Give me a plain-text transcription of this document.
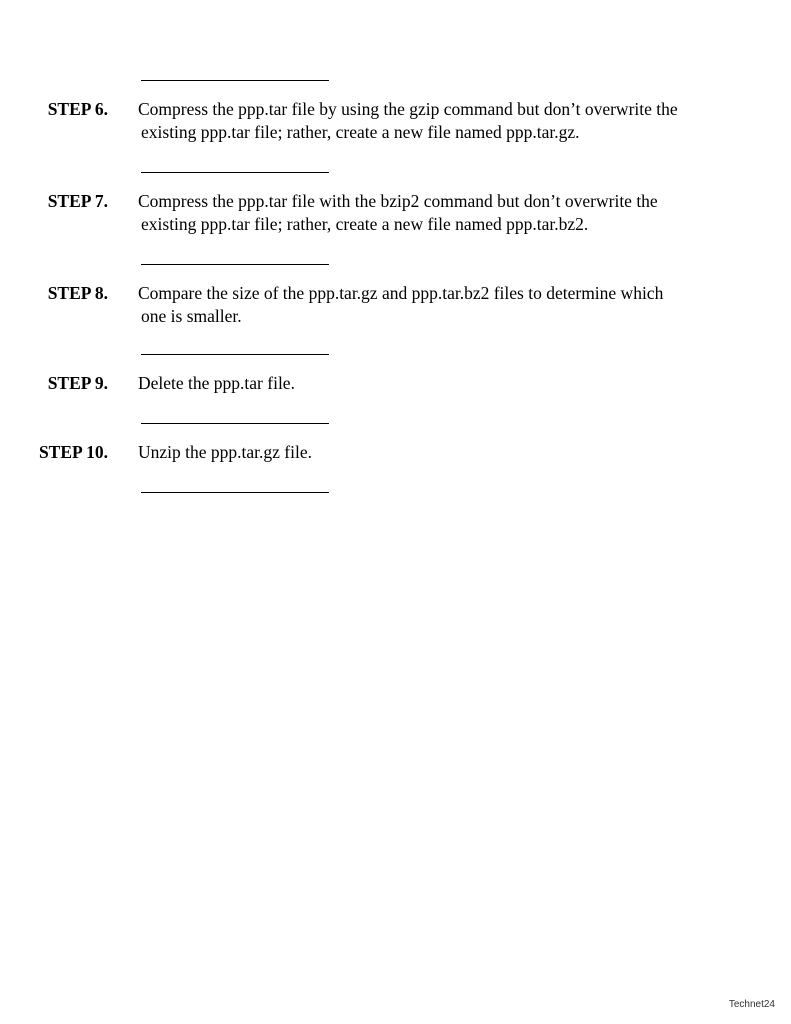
STEP 6. Compress the ppp.tar file by using the gzip command but don’t overwrite the
existing ppp.tar file; rather, create a new file named ppp.tar.gz.
STEP 7. Compress the ppp.tar file with the bzip2 command but don’t overwrite the
existing ppp.tar file; rather, create a new file named ppp.tar.bz2.
STEP 8. Compare the size of the ppp.tar.gz and ppp.tar.bz2 files to determine which
one is smaller.
STEP 9. Delete the ppp.tar file.
STEP 10. Unzip the ppp.tar.gz file.
Technet24
